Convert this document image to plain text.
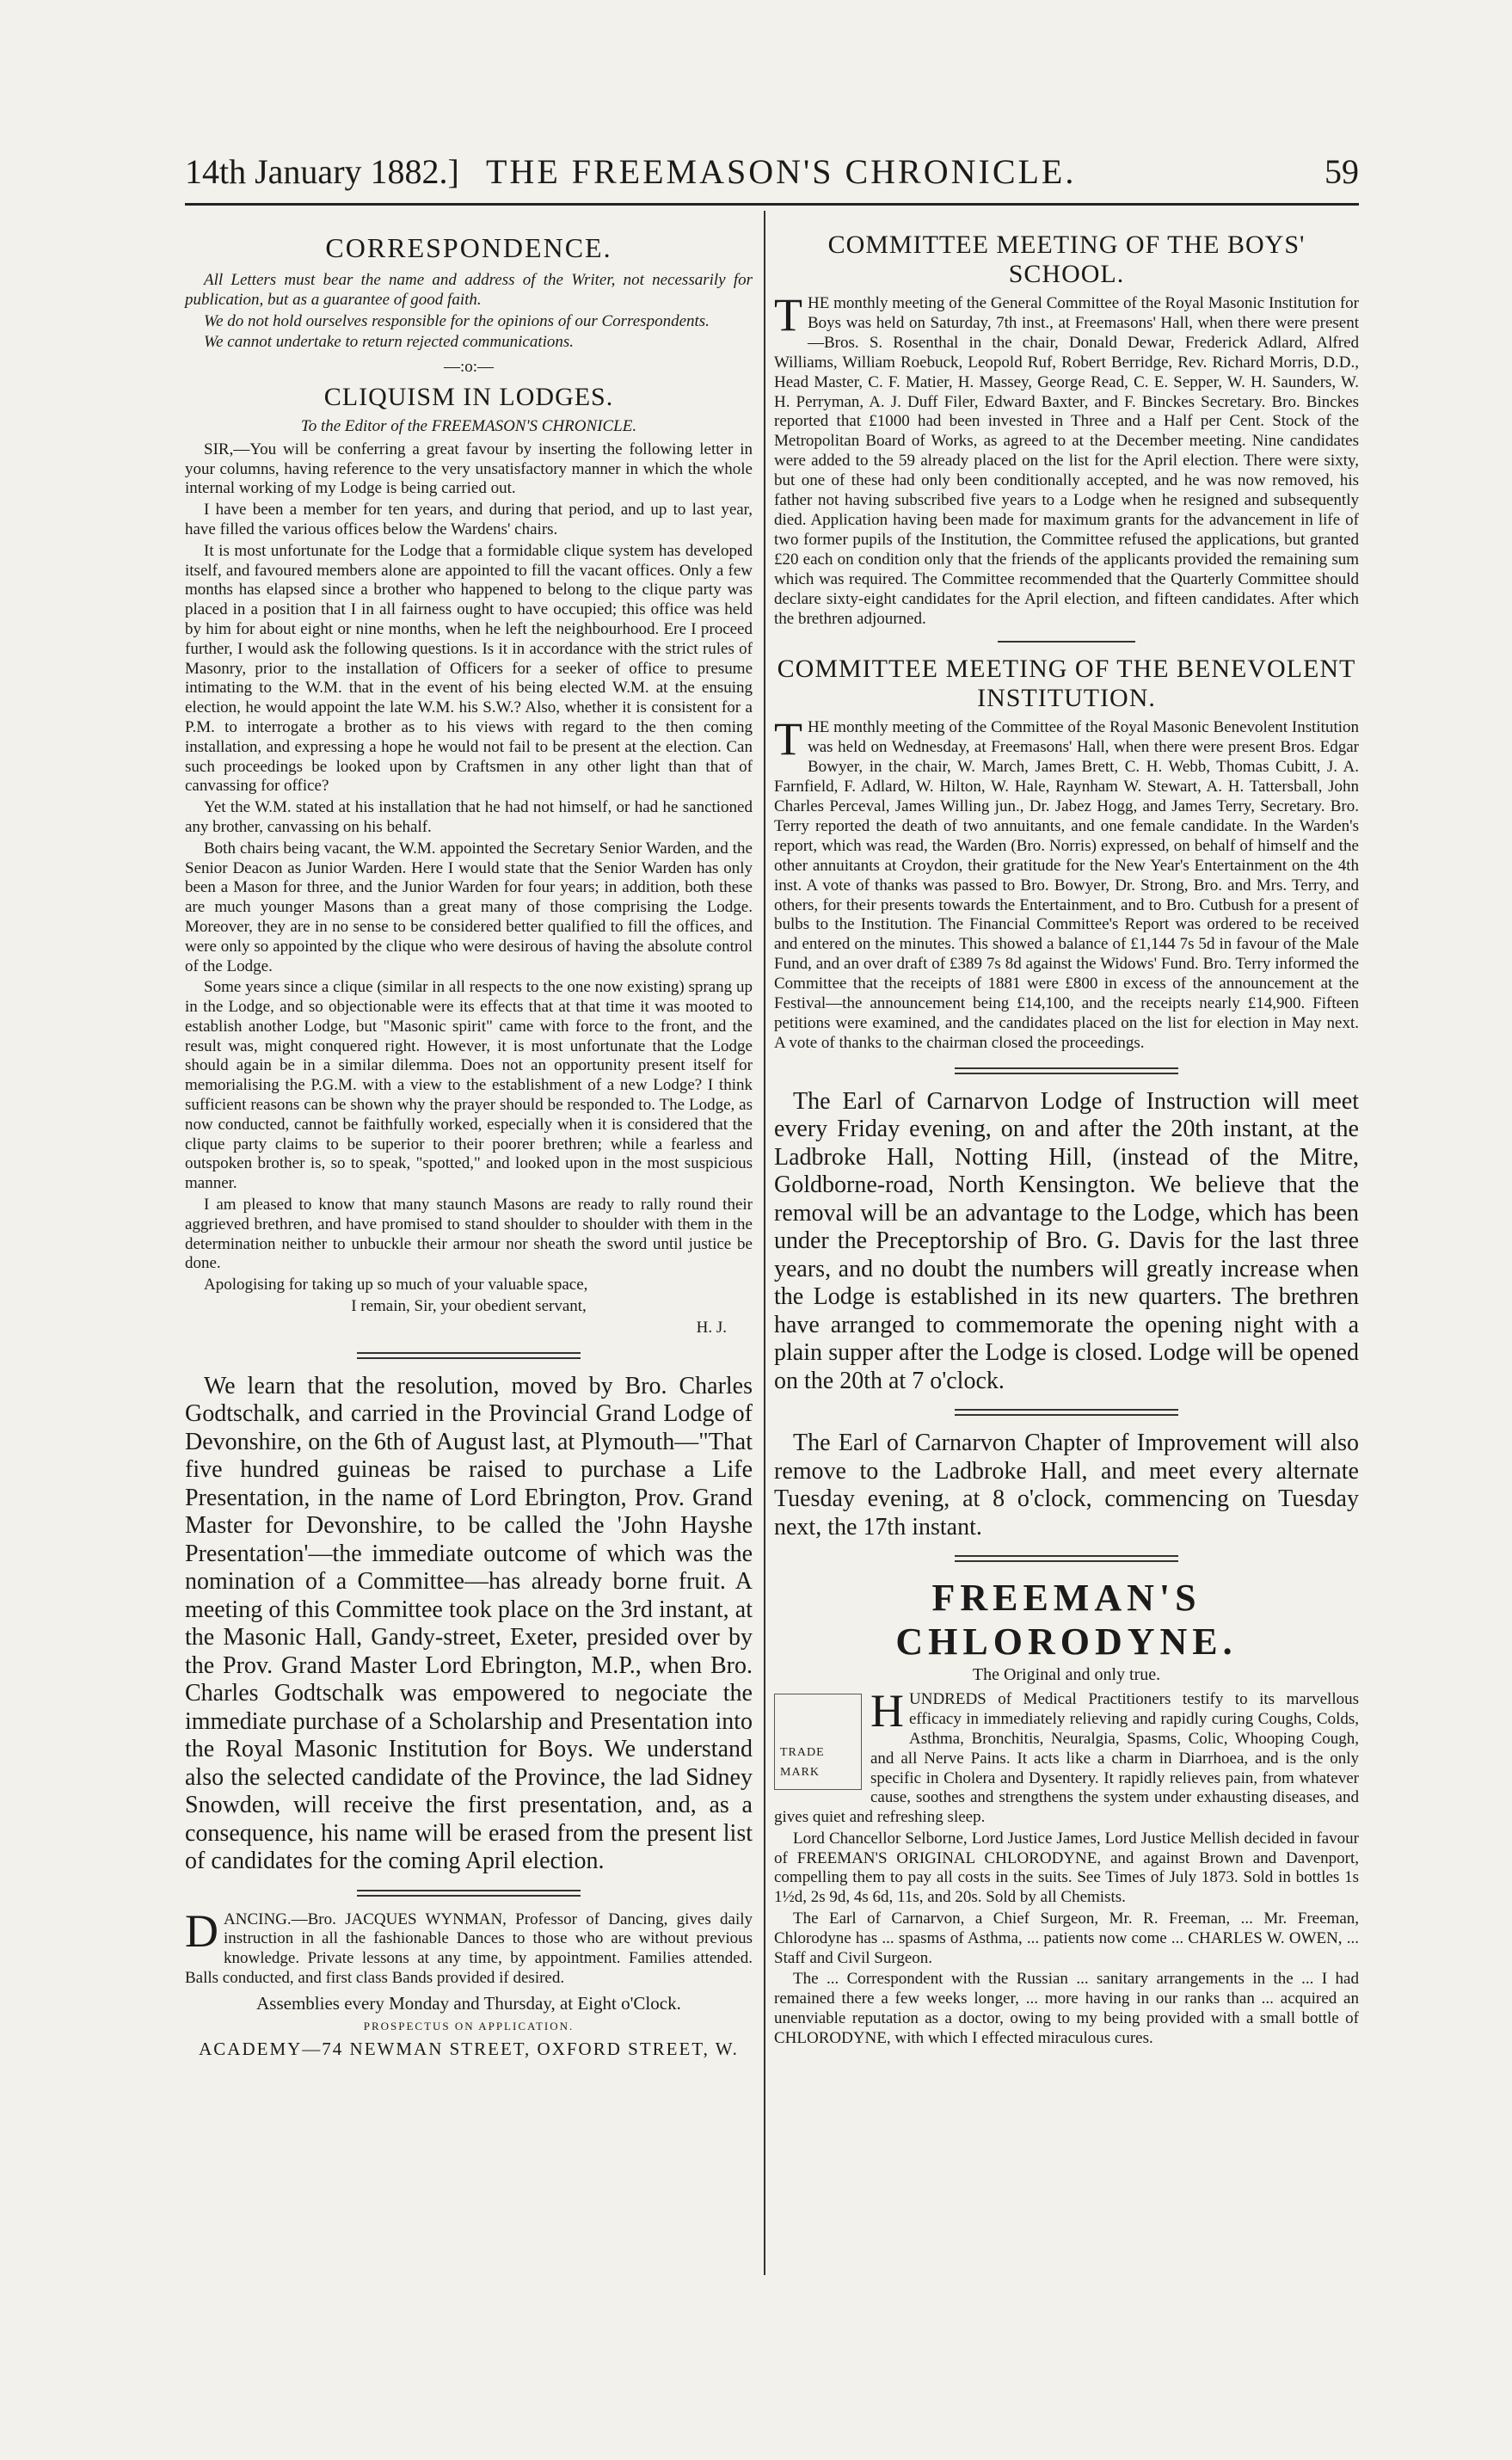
14th January 1882.] THE FREEMASON'S CHRONICLE.	59
CORRESPONDENCE.

All Letters must bear the name and address of the Writer, not necessarily for publication, but as a guarantee of good faith.

We do not hold ourselves responsible for the opinions of our Correspondents.

We cannot undertake to return rejected communications.

—:o:—
CLIQUISM IN LODGES.
To the Editor of the FREEMASON'S CHRONICLE.

SIR,—You will be conferring a great favour by inserting the following letter in your columns, having reference to the very unsatisfactory manner in which the whole internal working of my Lodge is being carried out.

I have been a member for ten years, and during that period, and up to last year, have filled the various offices below the Wardens' chairs.

It is most unfortunate for the Lodge that a formidable clique system has developed itself, and favoured members alone are appointed to fill the vacant offices. Only a few months has elapsed since a brother who happened to belong to the clique party was placed in a position that I in all fairness ought to have occupied; this office was held by him for about eight or nine months, when he left the neighbourhood. Ere I proceed further, I would ask the following questions. Is it in accordance with the strict rules of Masonry, prior to the installation of Officers for a seeker of office to presume intimating to the W.M. that in the event of his being elected W.M. at the ensuing election, he would appoint the late W.M. his S.W.? Also, whether it is consistent for a P.M. to interrogate a brother as to his views with regard to the then coming installation, and expressing a hope he would not fail to be present at the election. Can such proceedings be looked upon by Craftsmen in any other light than that of canvassing for office?

Yet the W.M. stated at his installation that he had not himself, or had he sanctioned any brother, canvassing on his behalf.

Both chairs being vacant, the W.M. appointed the Secretary Senior Warden, and the Senior Deacon as Junior Warden. Here I would state that the Senior Warden has only been a Mason for three, and the Junior Warden for four years; in addition, both these are much younger Masons than a great many of those comprising the Lodge. Moreover, they are in no sense to be considered better qualified to fill the offices, and were only so appointed by the clique who were desirous of having the absolute control of the Lodge.

Some years since a clique (similar in all respects to the one now existing) sprang up in the Lodge, and so objectionable were its effects that at that time it was mooted to establish another Lodge, but "Masonic spirit" came with force to the front, and the result was, might conquered right. However, it is most unfortunate that the Lodge should again be in a similar dilemma. Does not an opportunity present itself for memorialising the P.G.M. with a view to the establishment of a new Lodge? I think sufficient reasons can be shown why the prayer should be responded to. The Lodge, as now conducted, cannot be faithfully worked, especially when it is considered that the clique party claims to be superior to their poorer brethren; while a fearless and outspoken brother is, so to speak, "spotted," and looked upon in the most suspicious manner.

I am pleased to know that many staunch Masons are ready to rally round their aggrieved brethren, and have promised to stand shoulder to shoulder with them in the determination neither to unbuckle their armour nor sheath the sword until justice be done.

Apologising for taking up so much of your valuable space,

I remain, Sir, your obedient servant,

H. J.

We learn that the resolution, moved by Bro. Charles Godtschalk, and carried in the Provincial Grand Lodge of Devonshire, on the 6th of August last, at Plymouth—"That five hundred guineas be raised to purchase a Life Presentation, in the name of Lord Ebrington, Prov. Grand Master for Devonshire, to be called the 'John Hayshe Presentation'—the immediate outcome of which was the nomination of a Committee—has already borne fruit. A meeting of this Committee took place on the 3rd instant, at the Masonic Hall, Gandy-street, Exeter, presided over by the Prov. Grand Master Lord Ebrington, M.P., when Bro. Charles Godtschalk was empowered to negociate the immediate purchase of a Scholarship and Presentation into the Royal Masonic Institution for Boys. We understand also the selected candidate of the Province, the lad Sidney Snowden, will receive the first presentation, and, as a consequence, his name will be erased from the present list of candidates for the coming April election.

DANCING.—Bro. JACQUES WYNMAN, Professor of Dancing, gives daily instruction in all the fashionable Dances to those who are without previous knowledge. Private lessons at any time, by appointment. Families attended. Balls conducted, and first class Bands provided if desired.

Assemblies every Monday and Thursday, at Eight o'Clock.

PROSPECTUS ON APPLICATION.

ACADEMY—74 NEWMAN STREET, OXFORD STREET, W.

COMMITTEE MEETING OF THE BOYS' SCHOOL.

THE monthly meeting of the General Committee of the Royal Masonic Institution for Boys was held on Saturday, 7th inst., at Freemasons' Hall, when there were present—Bros. S. Rosenthal in the chair, Donald Dewar, Frederick Adlard, Alfred Williams, William Roebuck, Leopold Ruf, Robert Berridge, Rev. Richard Morris, D.D., Head Master, C. F. Matier, H. Massey, George Read, C. E. Sepper, W. H. Saunders, W. H. Perryman, A. J. Duff Filer, Edward Baxter, and F. Binckes Secretary. Bro. Binckes reported that £1000 had been invested in Three and a Half per Cent. Stock of the Metropolitan Board of Works, as agreed to at the December meeting. Nine candidates were added to the 59 already placed on the list for the April election. There were sixty, but one of these had only been conditionally accepted, and he was now removed, his father not having subscribed five years to a Lodge when he resigned and subsequently died. Application having been made for maximum grants for the advancement in life of two former pupils of the Institution, the Committee refused the applications, but granted £20 each on condition only that the friends of the applicants provided the remaining sum which was required. The Committee recommended that the Quarterly Committee should declare sixty-eight candidates for the April election, and fifteen candidates. After which the brethren adjourned.

COMMITTEE MEETING OF THE BENEVOLENT INSTITUTION.

THE monthly meeting of the Committee of the Royal Masonic Benevolent Institution was held on Wednesday, at Freemasons' Hall, when there were present Bros. Edgar Bowyer, in the chair, W. March, James Brett, C. H. Webb, Thomas Cubitt, J. A. Farnfield, F. Adlard, W. Hilton, W. Hale, Raynham W. Stewart, A. H. Tattersball, John Charles Perceval, James Willing jun., Dr. Jabez Hogg, and James Terry, Secretary. Bro. Terry reported the death of two annuitants, and one female candidate. In the Warden's report, which was read, the Warden (Bro. Norris) expressed, on behalf of himself and the other annuitants at Croydon, their gratitude for the New Year's Entertainment on the 4th inst. A vote of thanks was passed to Bro. Bowyer, Dr. Strong, Bro. and Mrs. Terry, and others, for their presents towards the Entertainment, and to Bro. Cutbush for a present of bulbs to the Institution. The Financial Committee's Report was ordered to be received and entered on the minutes. This showed a balance of £1,144 7s 5d in favour of the Male Fund, and an over draft of £389 7s 8d against the Widows' Fund. Bro. Terry informed the Committee that the receipts of 1881 were £800 in excess of the announcement at the Festival—the announcement being £14,100, and the receipts nearly £14,900. Fifteen petitions were examined, and the candidates placed on the list for election in May next. A vote of thanks to the chairman closed the proceedings.

The Earl of Carnarvon Lodge of Instruction will meet every Friday evening, on and after the 20th instant, at the Ladbroke Hall, Notting Hill, (instead of the Mitre, Goldborne-road, North Kensington. We believe that the removal will be an advantage to the Lodge, which has been under the Preceptorship of Bro. G. Davis for the last three years, and no doubt the numbers will greatly increase when the Lodge is established in its new quarters. The brethren have arranged to commemorate the opening night with a plain supper after the Lodge is closed. Lodge will be opened on the 20th at 7 o'clock.

The Earl of Carnarvon Chapter of Improvement will also remove to the Ladbroke Hall, and meet every alternate Tuesday evening, at 8 o'clock, commencing on Tuesday next, the 17th instant.

FREEMAN'S CHLORODYNE.
The Original and only true.
TRADE MARK

HUNDREDS of Medical Practitioners testify to its marvellous efficacy in immediately relieving and rapidly curing Coughs, Colds, Asthma, Bronchitis, Neuralgia, Spasms, Colic, Whooping Cough, and all Nerve Pains. It acts like a charm in Diarrhoea, and is the only specific in Cholera and Dysentery. It rapidly relieves pain, from whatever cause, soothes and strengthens the system under exhausting diseases, and gives quiet and refreshing sleep.

Lord Chancellor Selborne, Lord Justice James, Lord Justice Mellish decided in favour of FREEMAN'S ORIGINAL CHLORODYNE, and against Brown and Davenport, compelling them to pay all costs in the suits. See Times of July 1873. Sold in bottles 1s 1½d, 2s 9d, 4s 6d, 11s, and 20s. Sold by all Chemists.

The Earl of Carnarvon, a Chief Surgeon, Mr. R. Freeman, ... Mr. Freeman, Chlorodyne has ... spasms of Asthma, ... patients now come ... CHARLES W. OWEN, ... Staff and Civil Surgeon.

The ... Correspondent with the Russian ... sanitary arrangements in the ... I had remained there a few weeks longer, ... more having in our ranks than ... acquired an unenviable reputation as a doctor, owing to my being provided with a small bottle of CHLORODYNE, with which I effected miraculous cures.
